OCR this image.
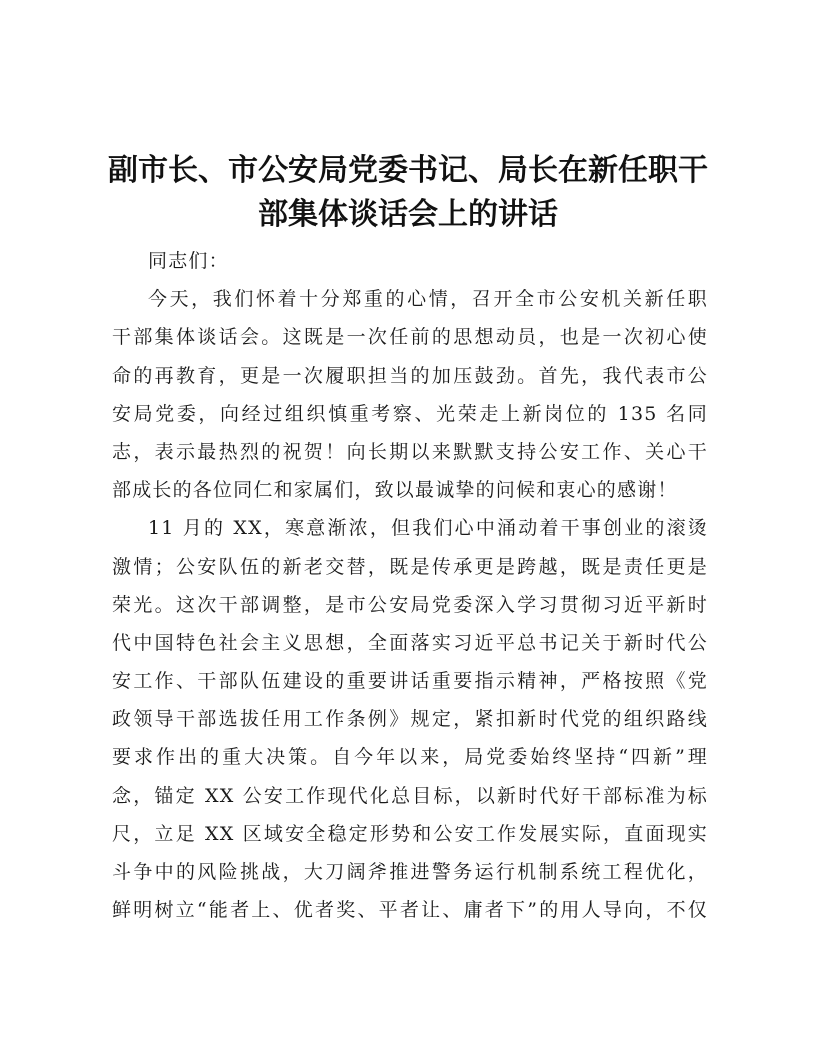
副市长、市公安局党委书记、局长在新任职干
部集体谈话会上的讲话
同志们：
今天，我们怀着十分郑重的心情，召开全市公安机关新任职
干部集体谈话会。这既是一次任前的思想动员，也是一次初心使
命的再教育，更是一次履职担当的加压鼓劲。首先，我代表市公
安局党委，向经过组织慎重考察、光荣走上新岗位的 135 名同
志，表示最热烈的祝贺！向长期以来默默支持公安工作、关心干
部成长的各位同仁和家属们，致以最诚挚的问候和衷心的感谢！
11 月的 XX，寒意渐浓，但我们心中涌动着干事创业的滚烫
激情；公安队伍的新老交替，既是传承更是跨越，既是责任更是
荣光。这次干部调整，是市公安局党委深入学习贯彻习近平新时
代中国特色社会主义思想，全面落实习近平总书记关于新时代公
安工作、干部队伍建设的重要讲话重要指示精神，严格按照《党
政领导干部选拔任用工作条例》规定，紧扣新时代党的组织路线
要求作出的重大决策。自今年以来，局党委始终坚持“四新”理
念，锚定 XX 公安工作现代化总目标，以新时代好干部标准为标
尺，立足 XX 区域安全稳定形势和公安工作发展实际，直面现实
斗争中的风险挑战，大刀阔斧推进警务运行机制系统工程优化，
鲜明树立“能者上、优者奖、平者让、庸者下”的用人导向，不仅
